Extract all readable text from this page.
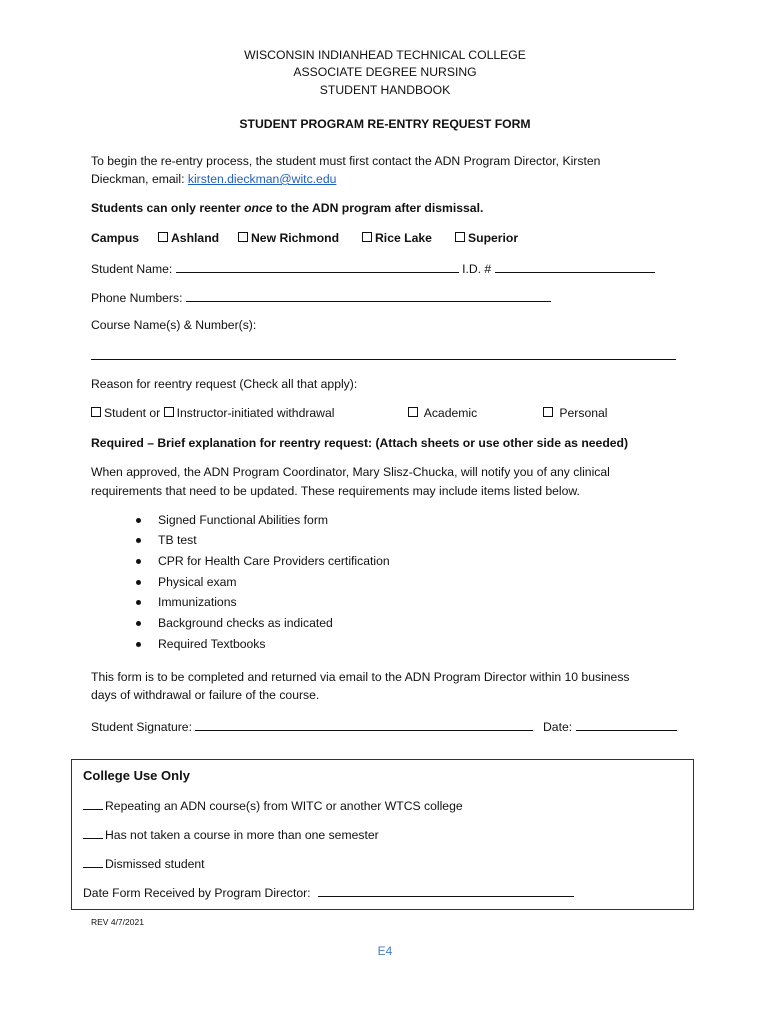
WISCONSIN INDIANHEAD TECHNICAL COLLEGE
ASSOCIATE DEGREE NURSING
STUDENT HANDBOOK
STUDENT PROGRAM RE-ENTRY REQUEST FORM
To begin the re-entry process, the student must first contact the ADN Program Director, Kirsten
Dieckman, email: kirsten.dieckman@witc.edu
Students can only reenter once to the ADN program after dismissal.
Campus	Ashland	New Richmond	Rice Lake	Superior
Student Name:	I.D. #
Phone Numbers:
Course Name(s) & Number(s):
Reason for reentry request (Check all that apply):
Student or Instructor-initiated withdrawal	Academic	Personal
Required – Brief explanation for reentry request: (Attach sheets or use other side as needed)
When approved, the ADN Program Coordinator, Mary Slisz-Chucka, will notify you of any clinical
requirements that need to be updated. These requirements may include items listed below.
Signed Functional Abilities form
TB test
CPR for Health Care Providers certification
Physical exam
Immunizations
Background checks as indicated
Required Textbooks
This form is to be completed and returned via email to the ADN Program Director within 10 business
days of withdrawal or failure of the course.
Student Signature:	Date:
College Use Only
Repeating an ADN course(s) from WITC or another WTCS college
Has not taken a course in more than one semester
Dismissed student
Date Form Received by Program Director:
REV 4/7/2021
E4
